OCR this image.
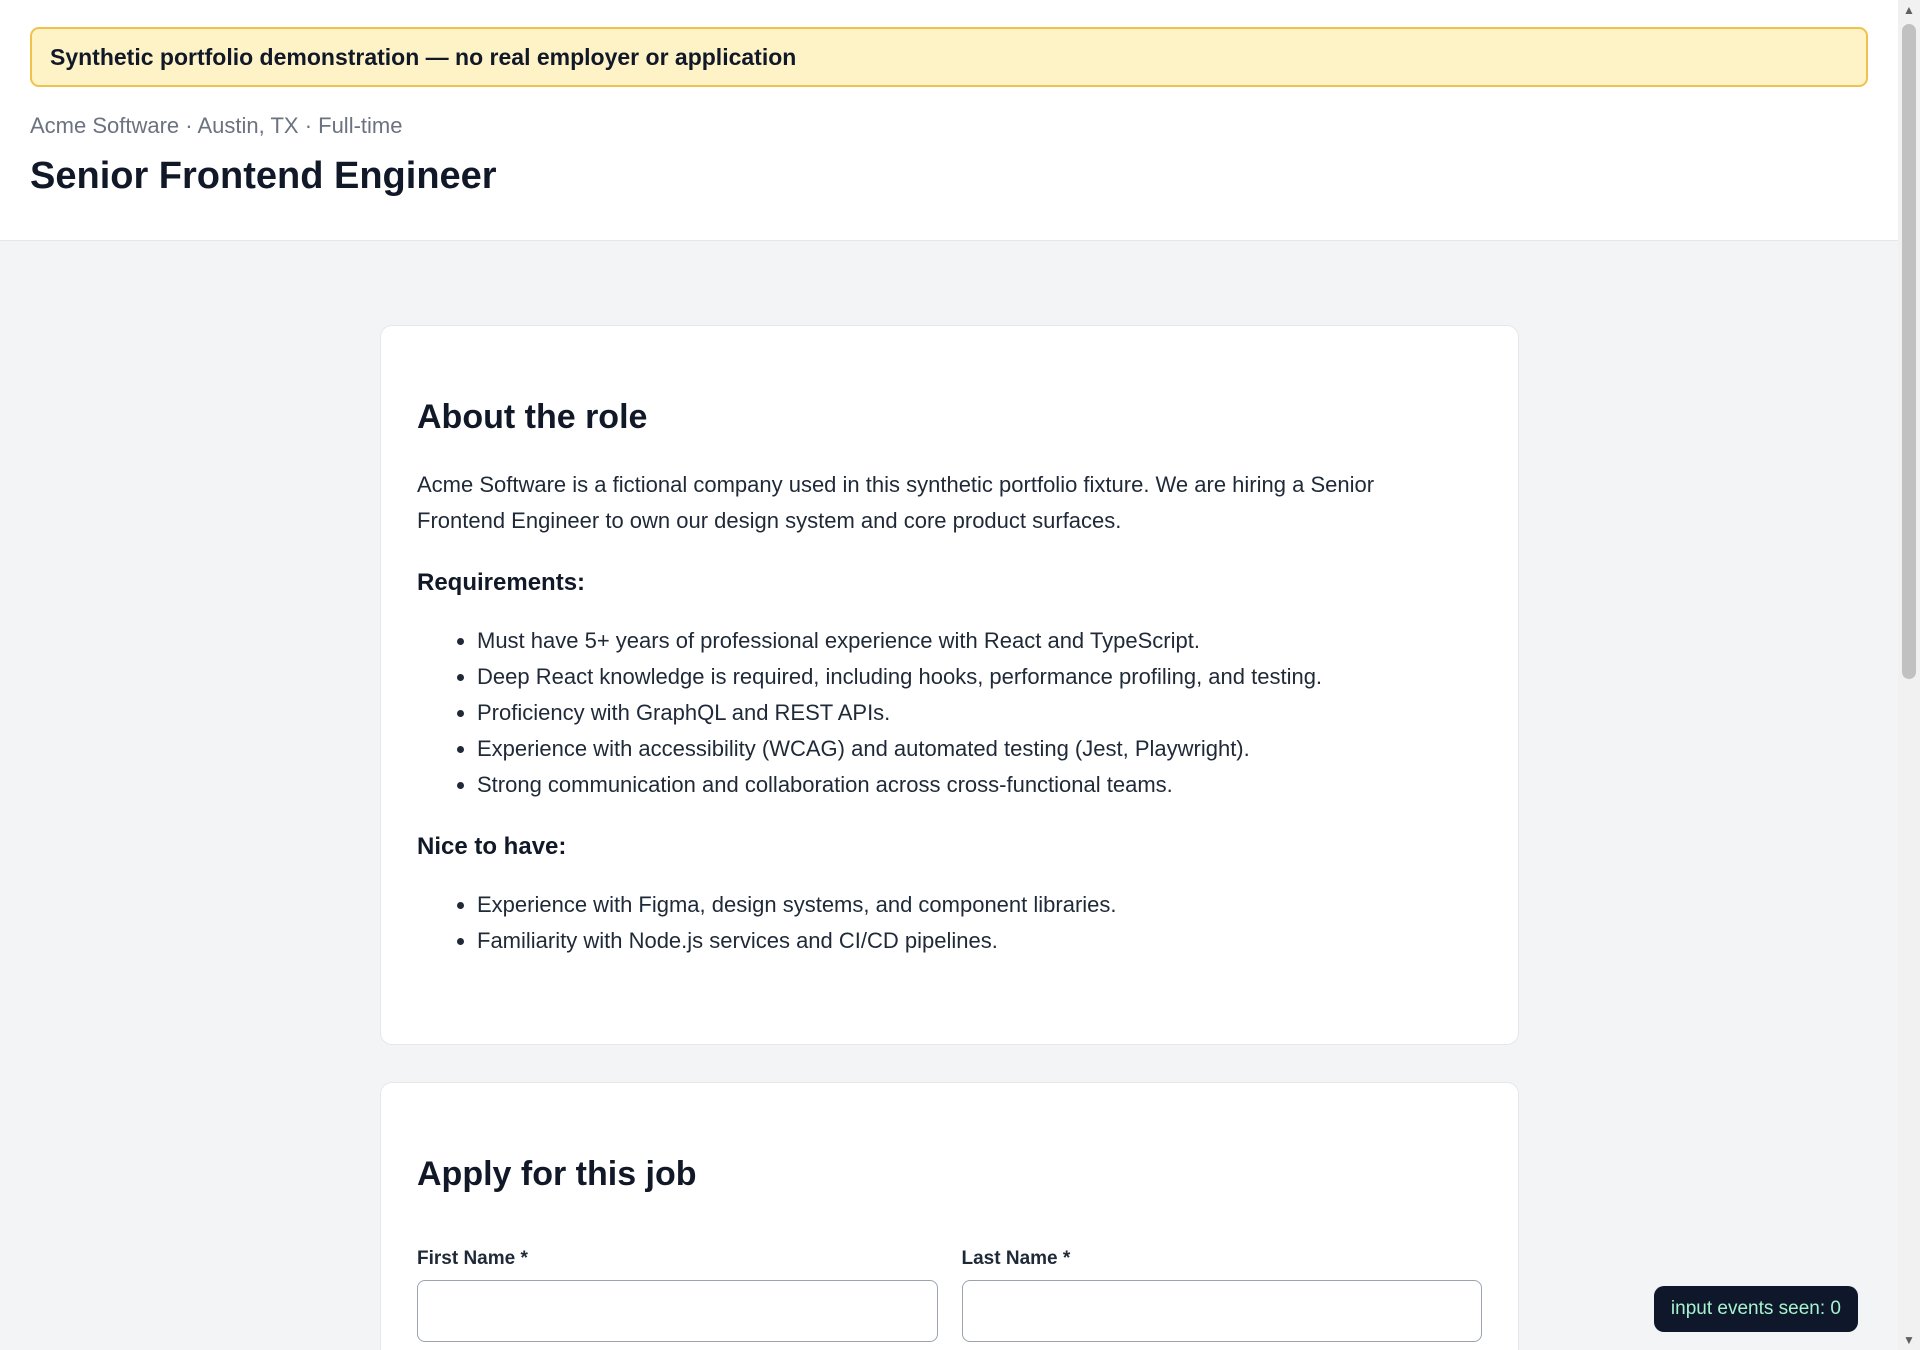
Synthetic portfolio demonstration — no real employer or application
Acme Software · Austin, TX · Full-time
Senior Frontend Engineer
About the role

Acme Software is a fictional company used in this synthetic portfolio fixture. We are hiring a Senior Frontend Engineer to own our design system and core product surfaces.

Requirements:
• Must have 5+ years of professional experience with React and TypeScript.
• Deep React knowledge is required, including hooks, performance profiling, and testing.
• Proficiency with GraphQL and REST APIs.
• Experience with accessibility (WCAG) and automated testing (Jest, Playwright).
• Strong communication and collaboration across cross-functional teams.
Nice to have:
• Experience with Figma, design systems, and component libraries.
• Familiarity with Node.js services and CI/CD pipelines.
Apply for this job
First Name *	Last Name *
input events seen: 0
▲
▼
